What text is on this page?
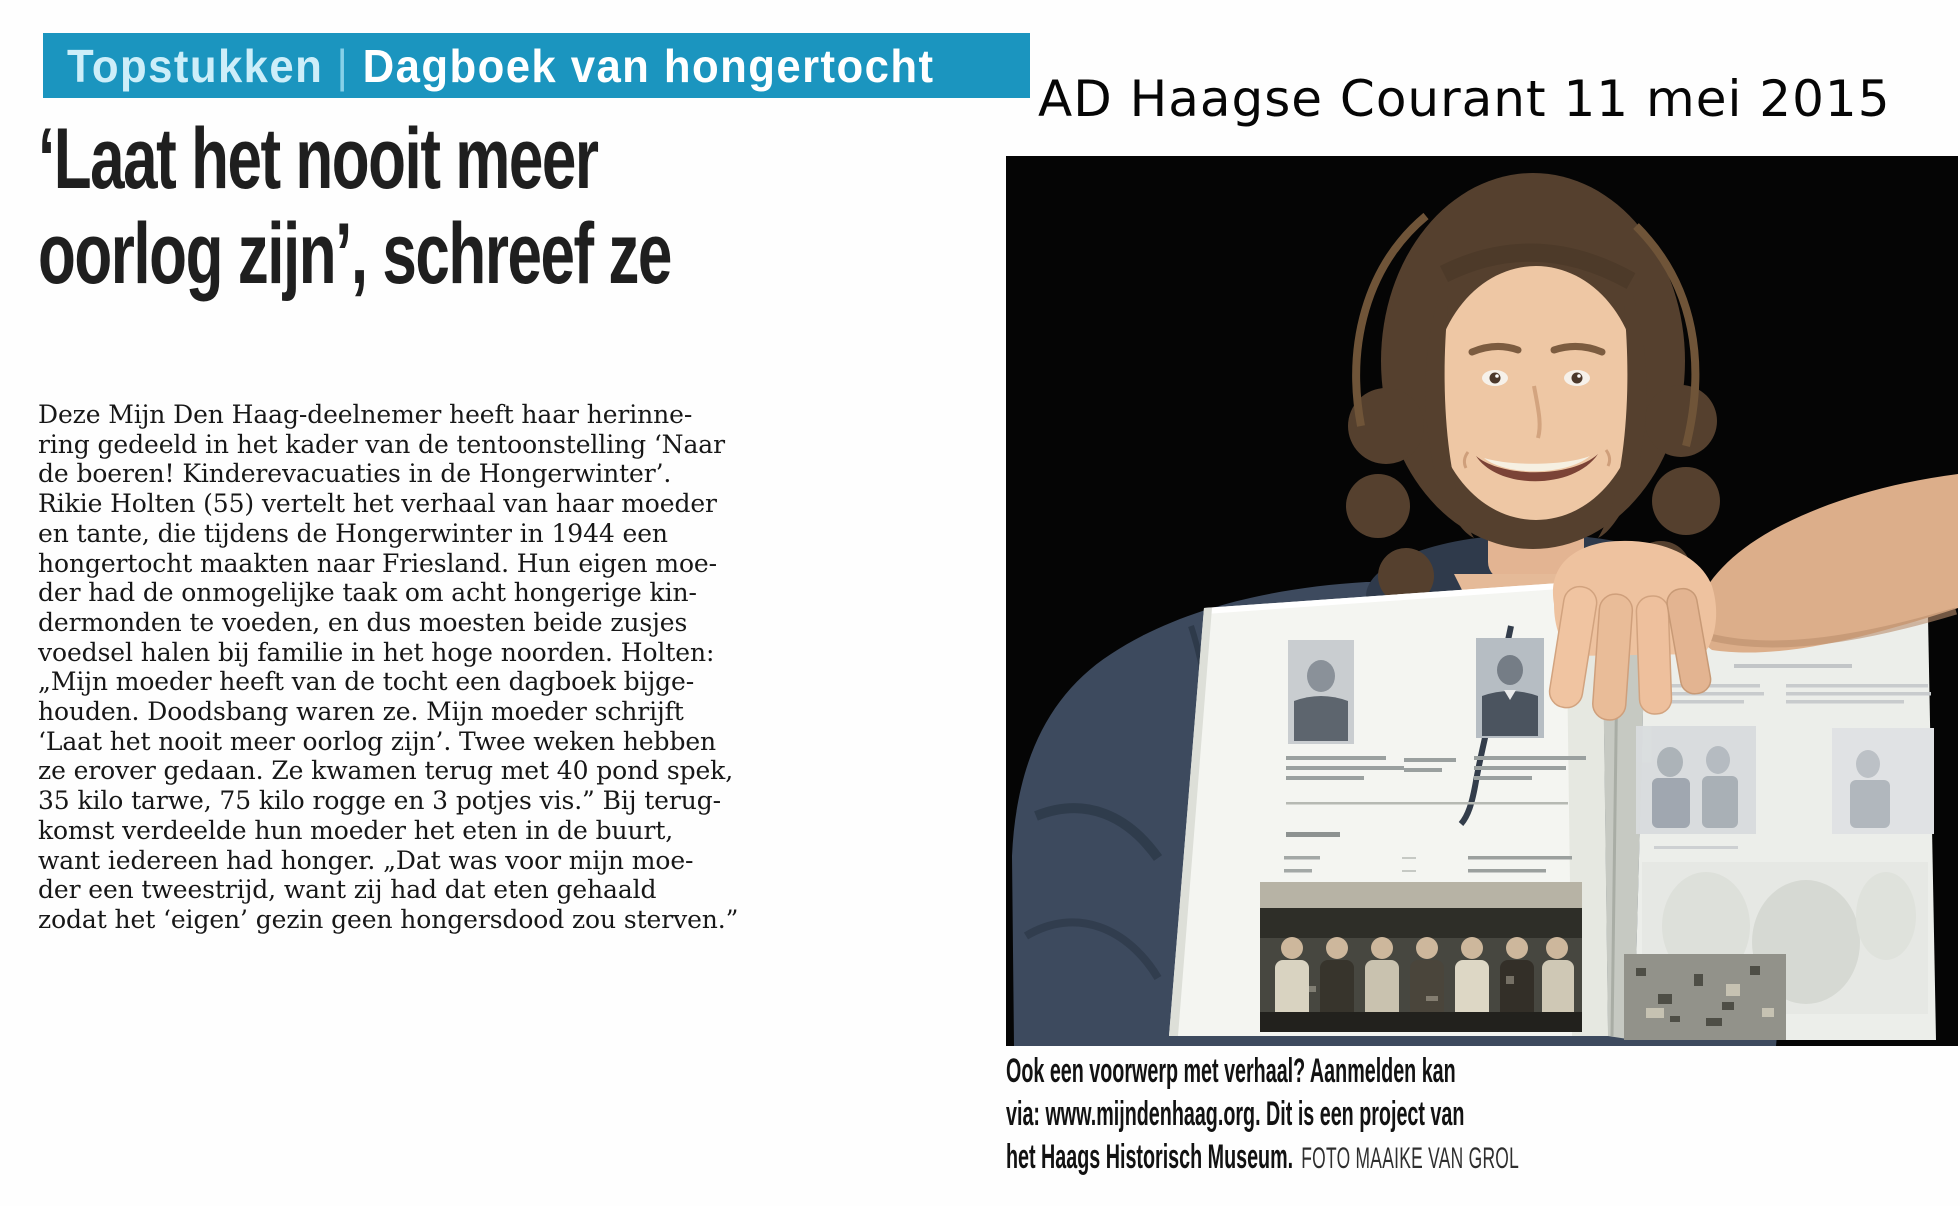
Topstukken | Dagboek van hongertocht
AD Haagse Courant 11 mei 2015
‘Laat het nooit meer
oorlog zijn’, schreef ze
Deze Mijn Den Haag-deelnemer heeft haar herinne-
ring gedeeld in het kader van de tentoonstelling ‘Naar
de boeren! Kinderevacuaties in de Hongerwinter’.
Rikie Holten (55) vertelt het verhaal van haar moeder
en tante, die tijdens de Hongerwinter in 1944 een
hongertocht maakten naar Friesland. Hun eigen moe-
der had de onmogelijke taak om acht hongerige kin-
dermonden te voeden, en dus moesten beide zusjes
voedsel halen bij familie in het hoge noorden. Holten:
„Mijn moeder heeft van de tocht een dagboek bijge-
houden. Doodsbang waren ze. Mijn moeder schrijft
‘Laat het nooit meer oorlog zijn’. Twee weken hebben
ze erover gedaan. Ze kwamen terug met 40 pond spek,
35 kilo tarwe, 75 kilo rogge en 3 potjes vis.” Bij terug-
komst verdeelde hun moeder het eten in de buurt,
want iedereen had honger. „Dat was voor mijn moe-
der een tweestrijd, want zij had dat eten gehaald
zodat het ‘eigen’ gezin geen hongersdood zou sterven.”
Ook een voorwerp met verhaal? Aanmelden kan
via: www.mijndenhaag.org. Dit is een project van
het Haags Historisch Museum. FOTO MAAIKE VAN GROL
